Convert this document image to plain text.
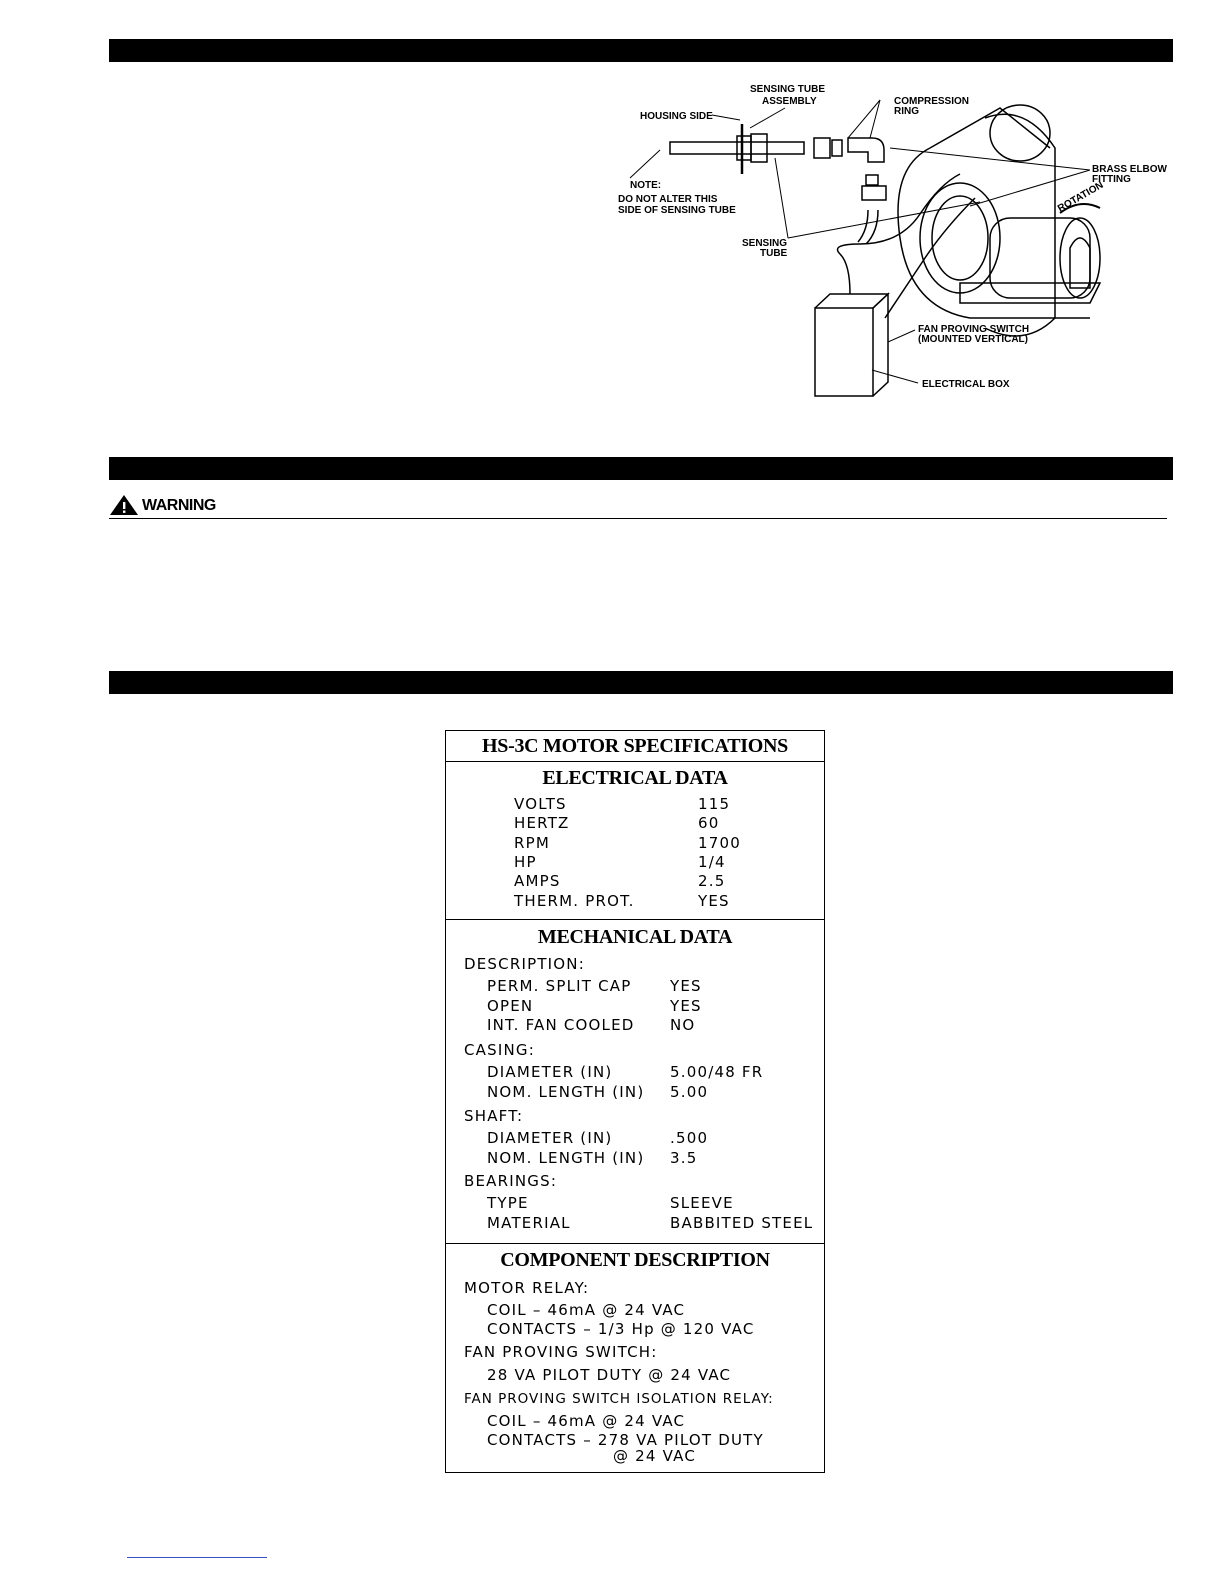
SENSING TUBE
ASSEMBLY
HOUSING SIDE
COMPRESSION
RING
NOTE:
DO NOT ALTER THIS
SIDE OF SENSING TUBE
BRASS ELBOW
FITTING
SENSING
TUBE
ROTATION
FAN PROVING SWITCH
(MOUNTED VERTICAL)
ELECTRICAL BOX
WARNING
HS-3C MOTOR SPECIFICATIONS
ELECTRICAL DATA
MECHANICAL DATA
DESCRIPTION:
CASING:
SHAFT:
BEARINGS:
COMPONENT DESCRIPTION
MOTOR RELAY:
COIL – 46mA @ 24 VAC
CONTACTS – 1/3 Hp @ 120 VAC
FAN PROVING SWITCH:
28 VA PILOT DUTY @ 24 VAC
FAN PROVING SWITCH ISOLATION RELAY:
COIL – 46mA @ 24 VAC
CONTACTS – 278 VA PILOT DUTY
@ 24 VAC
VOLTS	115
HERTZ	60
RPM	1700
HP	1/4
AMPS	2.5
THERM. PROT.	YES
PERM. SPLIT CAP	YES
OPEN	YES
INT. FAN COOLED NO
DIAMETER (IN)	5.00/48 FR
NOM. LENGTH (IN) 5.00
DIAMETER (IN)	.500
NOM. LENGTH (IN) 3.5
TYPE	SLEEVE
MATERIAL	BABBITED STEEL
